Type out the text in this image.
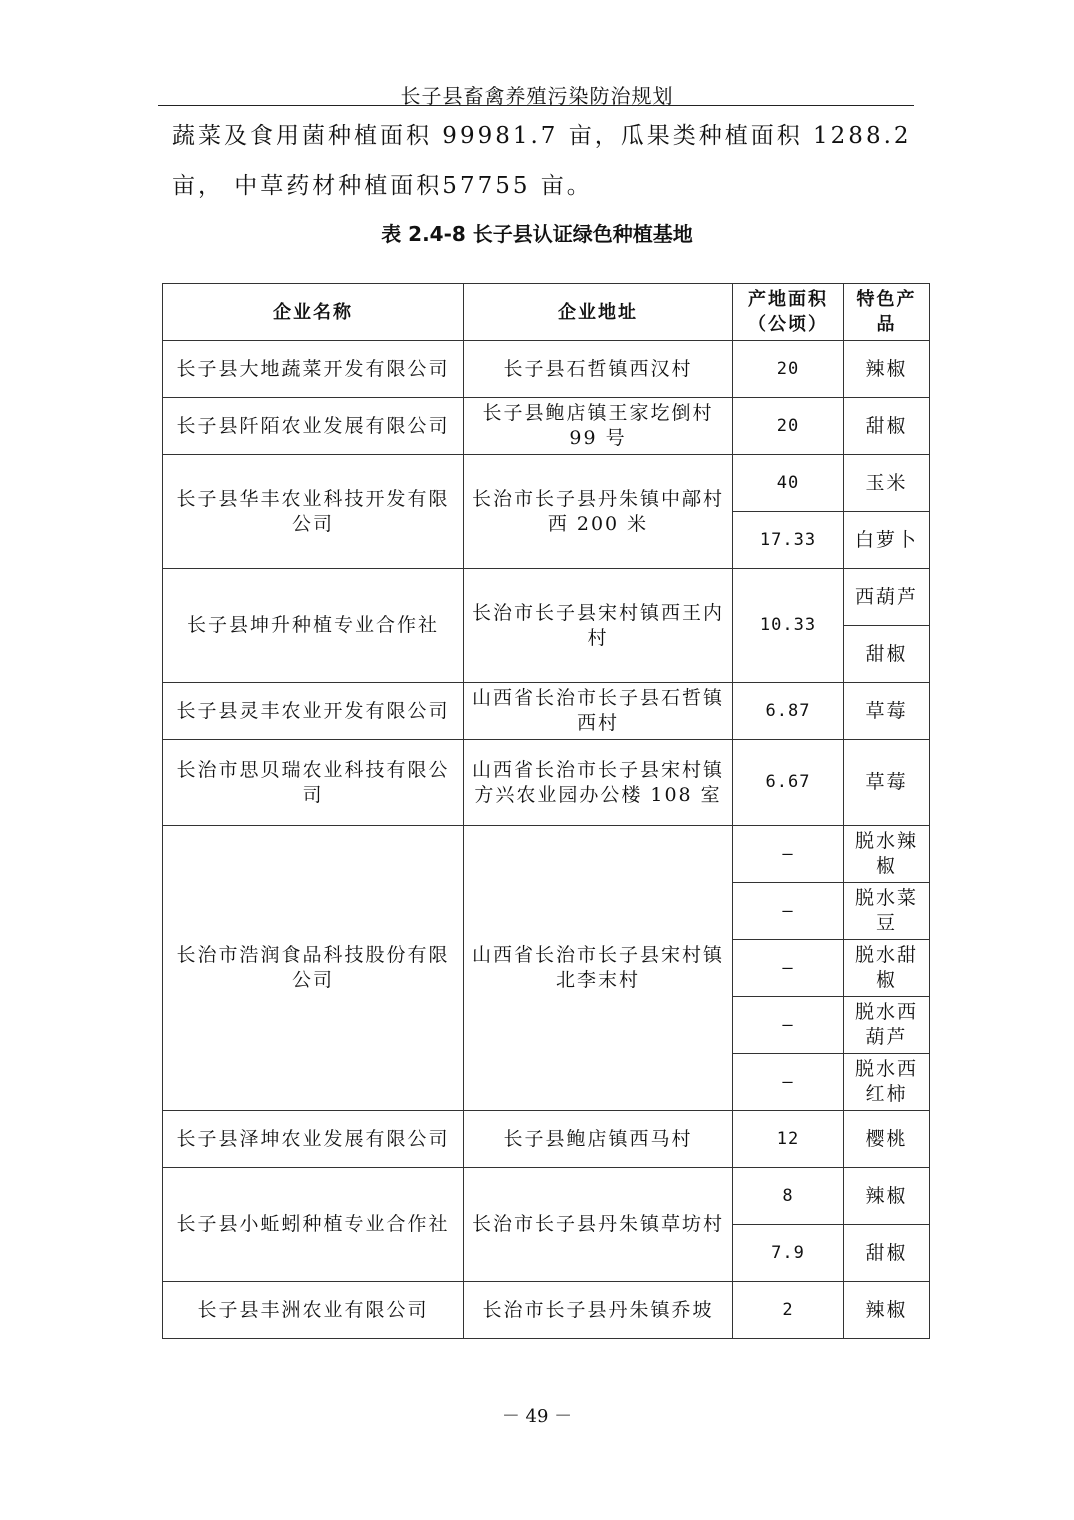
长子县畜禽养殖污染防治规划
蔬菜及食用菌种植面积 99981.7 亩，瓜果类种植面积 1288.2
亩， 中草药材种植面积57755 亩。
表 2.4-8 长子县认证绿色种植基地
企业名称	企业地址	产地面积（公顷）	特色产品
长子县大地蔬菜开发有限公司	长子县石哲镇西汉村	20	辣椒
长子县阡陌农业发展有限公司	长子县鲍店镇王家圪倒村 99 号	20	甜椒
长子县华丰农业科技开发有限公司	长治市长子县丹朱镇中鄗村西 200 米	40	玉米
		17.33	白萝卜
长子县坤升种植专业合作社	长治市长子县宋村镇西王内村	10.33	西葫芦
			甜椒
长子县灵丰农业开发有限公司	山西省长治市长子县石哲镇西村	6.87	草莓
长治市思贝瑞农业科技有限公司	山西省长治市长子县宋村镇方兴农业园办公楼 108 室	6.67	草莓
长治市浩润食品科技股份有限公司	山西省长治市长子县宋村镇北李末村	–	脱水辣椒
		–	脱水菜豆
		–	脱水甜椒
		–	脱水西葫芦
		–	脱水西红柿
长子县泽坤农业发展有限公司	长子县鲍店镇西马村	12	樱桃
长子县小蚯蚓种植专业合作社	长治市长子县丹朱镇草坊村	8	辣椒
		7.9	甜椒
长子县丰洲农业有限公司	长治市长子县丹朱镇乔坡	2	辣椒
－ 49 －
